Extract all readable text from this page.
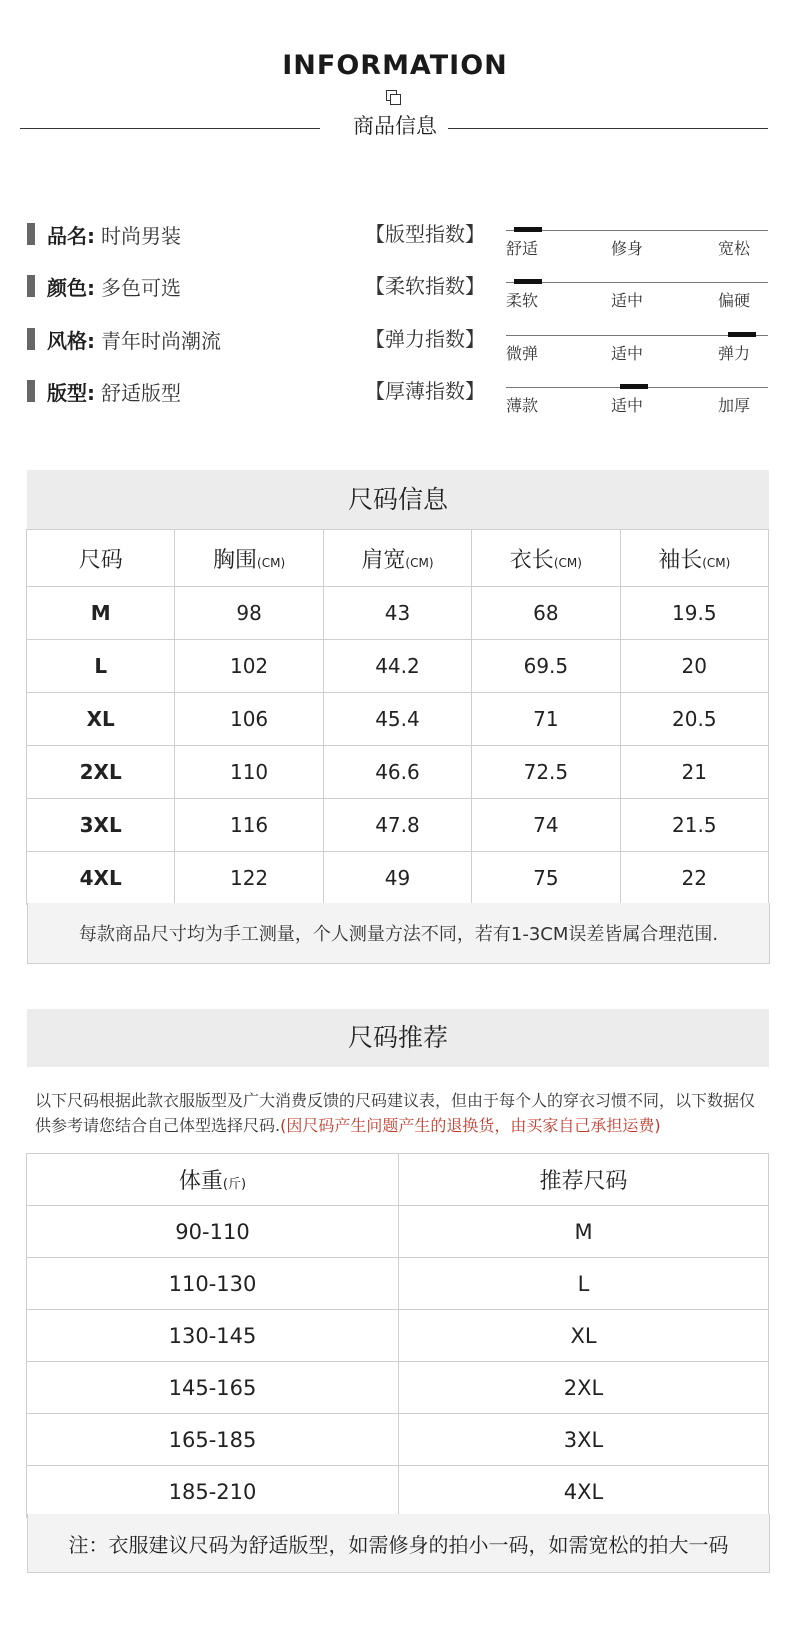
INFORMATION
商品信息
品名: 时尚男装
颜色: 多色可选
风格: 青年时尚潮流
版型: 舒适版型
【版型指数】
舒适	修身	宽松
【柔软指数】
柔软	适中	偏硬
【弹力指数】
微弹	适中	弹力
【厚薄指数】
薄款	适中	加厚
尺码信息
尺码	胸围(CM)	肩宽(CM)	衣长(CM)	袖长(CM)
M	98	43	68	19.5
L	102	44.2	69.5	20
XL	106	45.4	71	20.5
2XL	110	46.6	72.5	21
3XL	116	47.8	74	21.5
4XL	122	49	75	22
每款商品尺寸均为手工测量，个人测量方法不同，若有1-3CM误差皆属合理范围.
尺码推荐
以下尺码根据此款衣服版型及广大消费反馈的尺码建议表，但由于每个人的穿衣习惯不同，以下数据仅供参考请您结合自己体型选择尺码.(因尺码产生问题产生的退换货，由买家自己承担运费)
体重(斤)	推荐尺码
90-110	M
110-130	L
130-145	XL
145-165	2XL
165-185	3XL
185-210	4XL
注：衣服建议尺码为舒适版型，如需修身的拍小一码，如需宽松的拍大一码
